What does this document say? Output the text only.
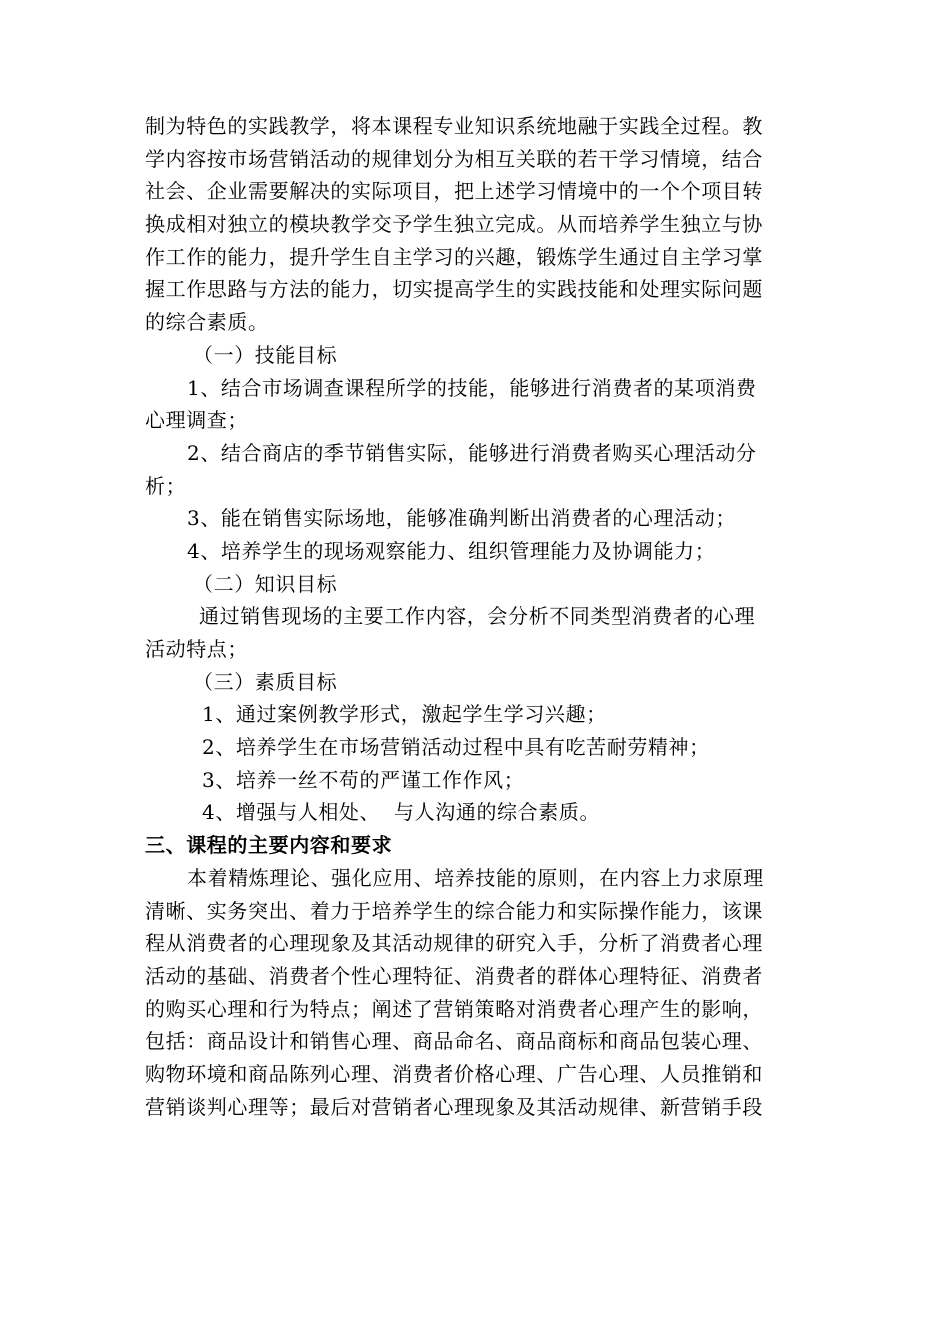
制为特色的实践教学，将本课程专业知识系统地融于实践全过程。教
学内容按市场营销活动的规律划分为相互关联的若干学习情境，结合
社会、企业需要解决的实际项目，把上述学习情境中的一个个项目转
换成相对独立的模块教学交予学生独立完成。从而培养学生独立与协
作工作的能力，提升学生自主学习的兴趣，锻炼学生通过自主学习掌
握工作思路与方法的能力，切实提高学生的实践技能和处理实际问题
的综合素质。
（一）技能目标
1、结合市场调查课程所学的技能，能够进行消费者的某项消费
心理调查；
2、结合商店的季节销售实际，能够进行消费者购买心理活动分
析；
3、能在销售实际场地，能够准确判断出消费者的心理活动；
4、培养学生的现场观察能力、组织管理能力及协调能力；
（二）知识目标
通过销售现场的主要工作内容，会分析不同类型消费者的心理
活动特点；
（三）素质目标
1、通过案例教学形式，激起学生学习兴趣；
2、培养学生在市场营销活动过程中具有吃苦耐劳精神；
3、培养一丝不苟的严谨工作作风；
4、增强与人相处、  与人沟通的综合素质。
三、课程的主要内容和要求
本着精炼理论、强化应用、培养技能的原则，在内容上力求原理
清晰、实务突出、着力于培养学生的综合能力和实际操作能力，该课
程从消费者的心理现象及其活动规律的研究入手，分析了消费者心理
活动的基础、消费者个性心理特征、消费者的群体心理特征、消费者
的购买心理和行为特点；阐述了营销策略对消费者心理产生的影响，
包括：商品设计和销售心理、商品命名、商品商标和商品包装心理、
购物环境和商品陈列心理、消费者价格心理、广告心理、人员推销和
营销谈判心理等；最后对营销者心理现象及其活动规律、新营销手段
